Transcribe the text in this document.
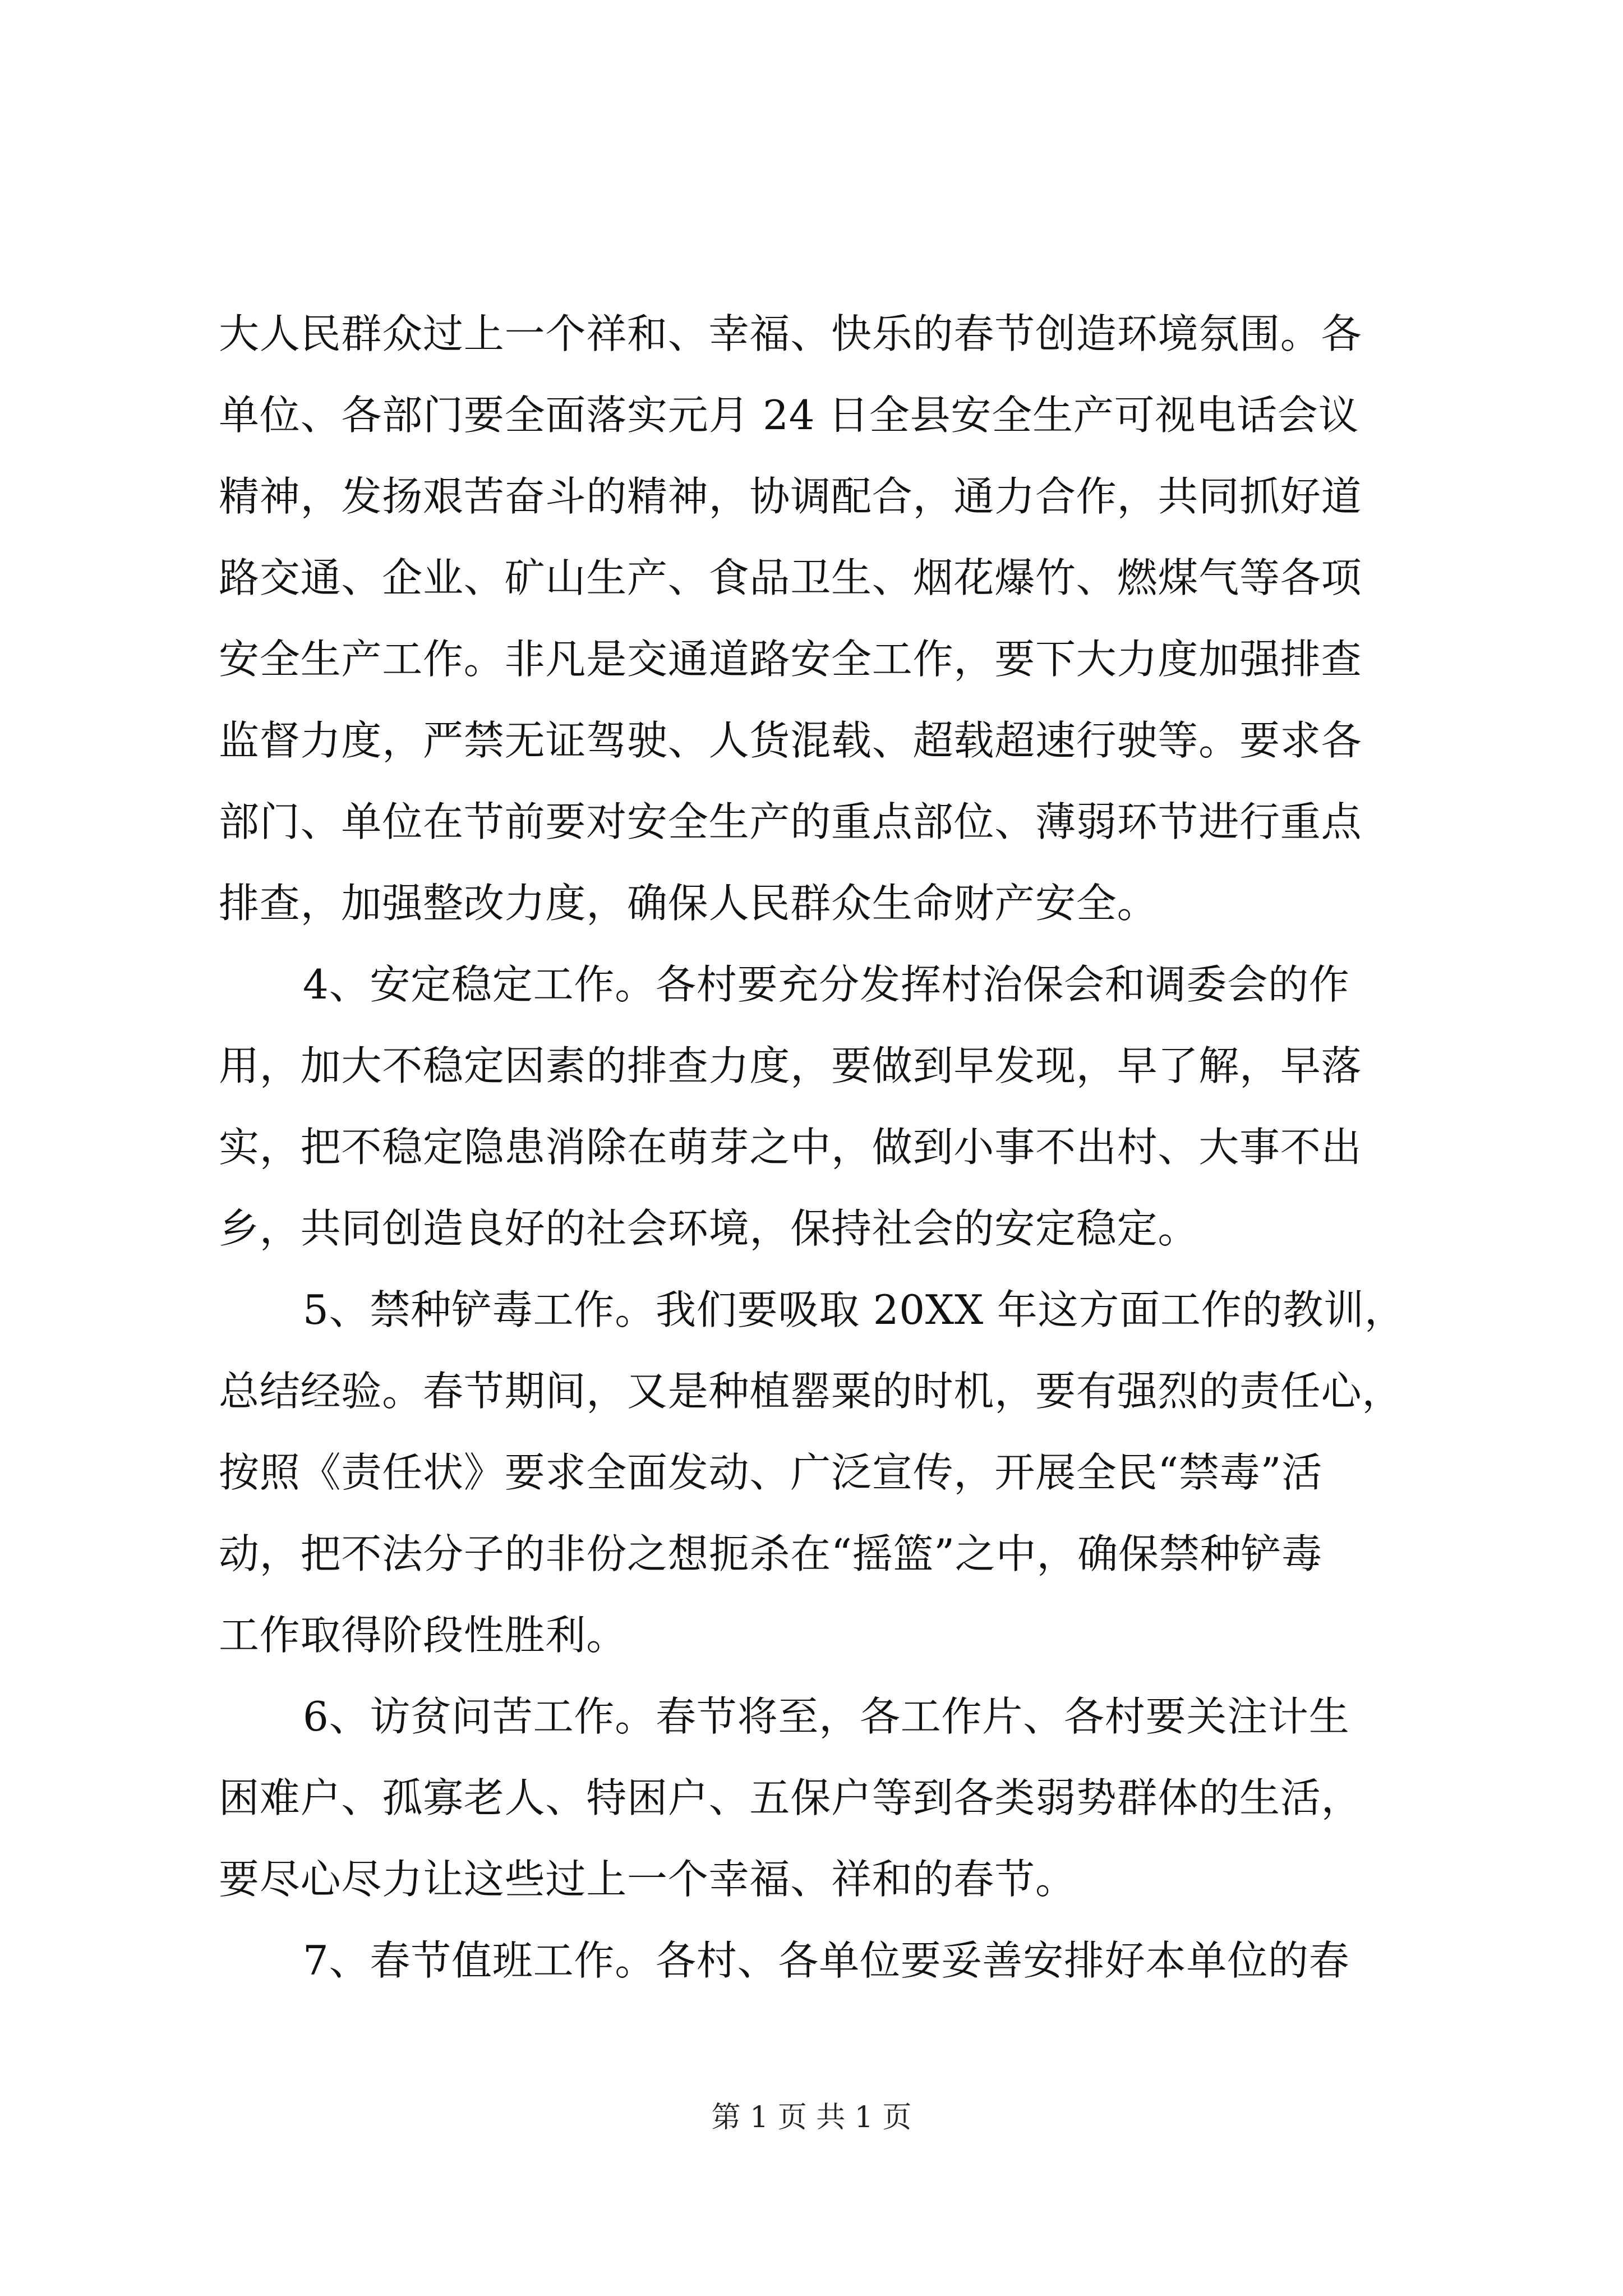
大人民群众过上一个祥和、幸福、快乐的春节创造环境氛围。各
单位、各部门要全面落实元月 24 日全县安全生产可视电话会议
精神，发扬艰苦奋斗的精神，协调配合，通力合作，共同抓好道
路交通、企业、矿山生产、食品卫生、烟花爆竹、燃煤气等各项
安全生产工作。非凡是交通道路安全工作，要下大力度加强排查
监督力度，严禁无证驾驶、人货混载、超载超速行驶等。要求各
部门、单位在节前要对安全生产的重点部位、薄弱环节进行重点
排查，加强整改力度，确保人民群众生命财产安全。
4、安定稳定工作。各村要充分发挥村治保会和调委会的作
用，加大不稳定因素的排查力度，要做到早发现，早了解，早落
实，把不稳定隐患消除在萌芽之中，做到小事不出村、大事不出
乡，共同创造良好的社会环境，保持社会的安定稳定。
5、禁种铲毒工作。我们要吸取 20XX 年这方面工作的教训，
总结经验。春节期间，又是种植罂粟的时机，要有强烈的责任心，
按照《责任状》要求全面发动、广泛宣传，开展全民“禁毒”活
动，把不法分子的非份之想扼杀在“摇篮”之中，确保禁种铲毒
工作取得阶段性胜利。
6、访贫问苦工作。春节将至，各工作片、各村要关注计生
困难户、孤寡老人、特困户、五保户等到各类弱势群体的生活，
要尽心尽力让这些过上一个幸福、祥和的春节。
7、春节值班工作。各村、各单位要妥善安排好本单位的春
第 1 页 共 1 页
